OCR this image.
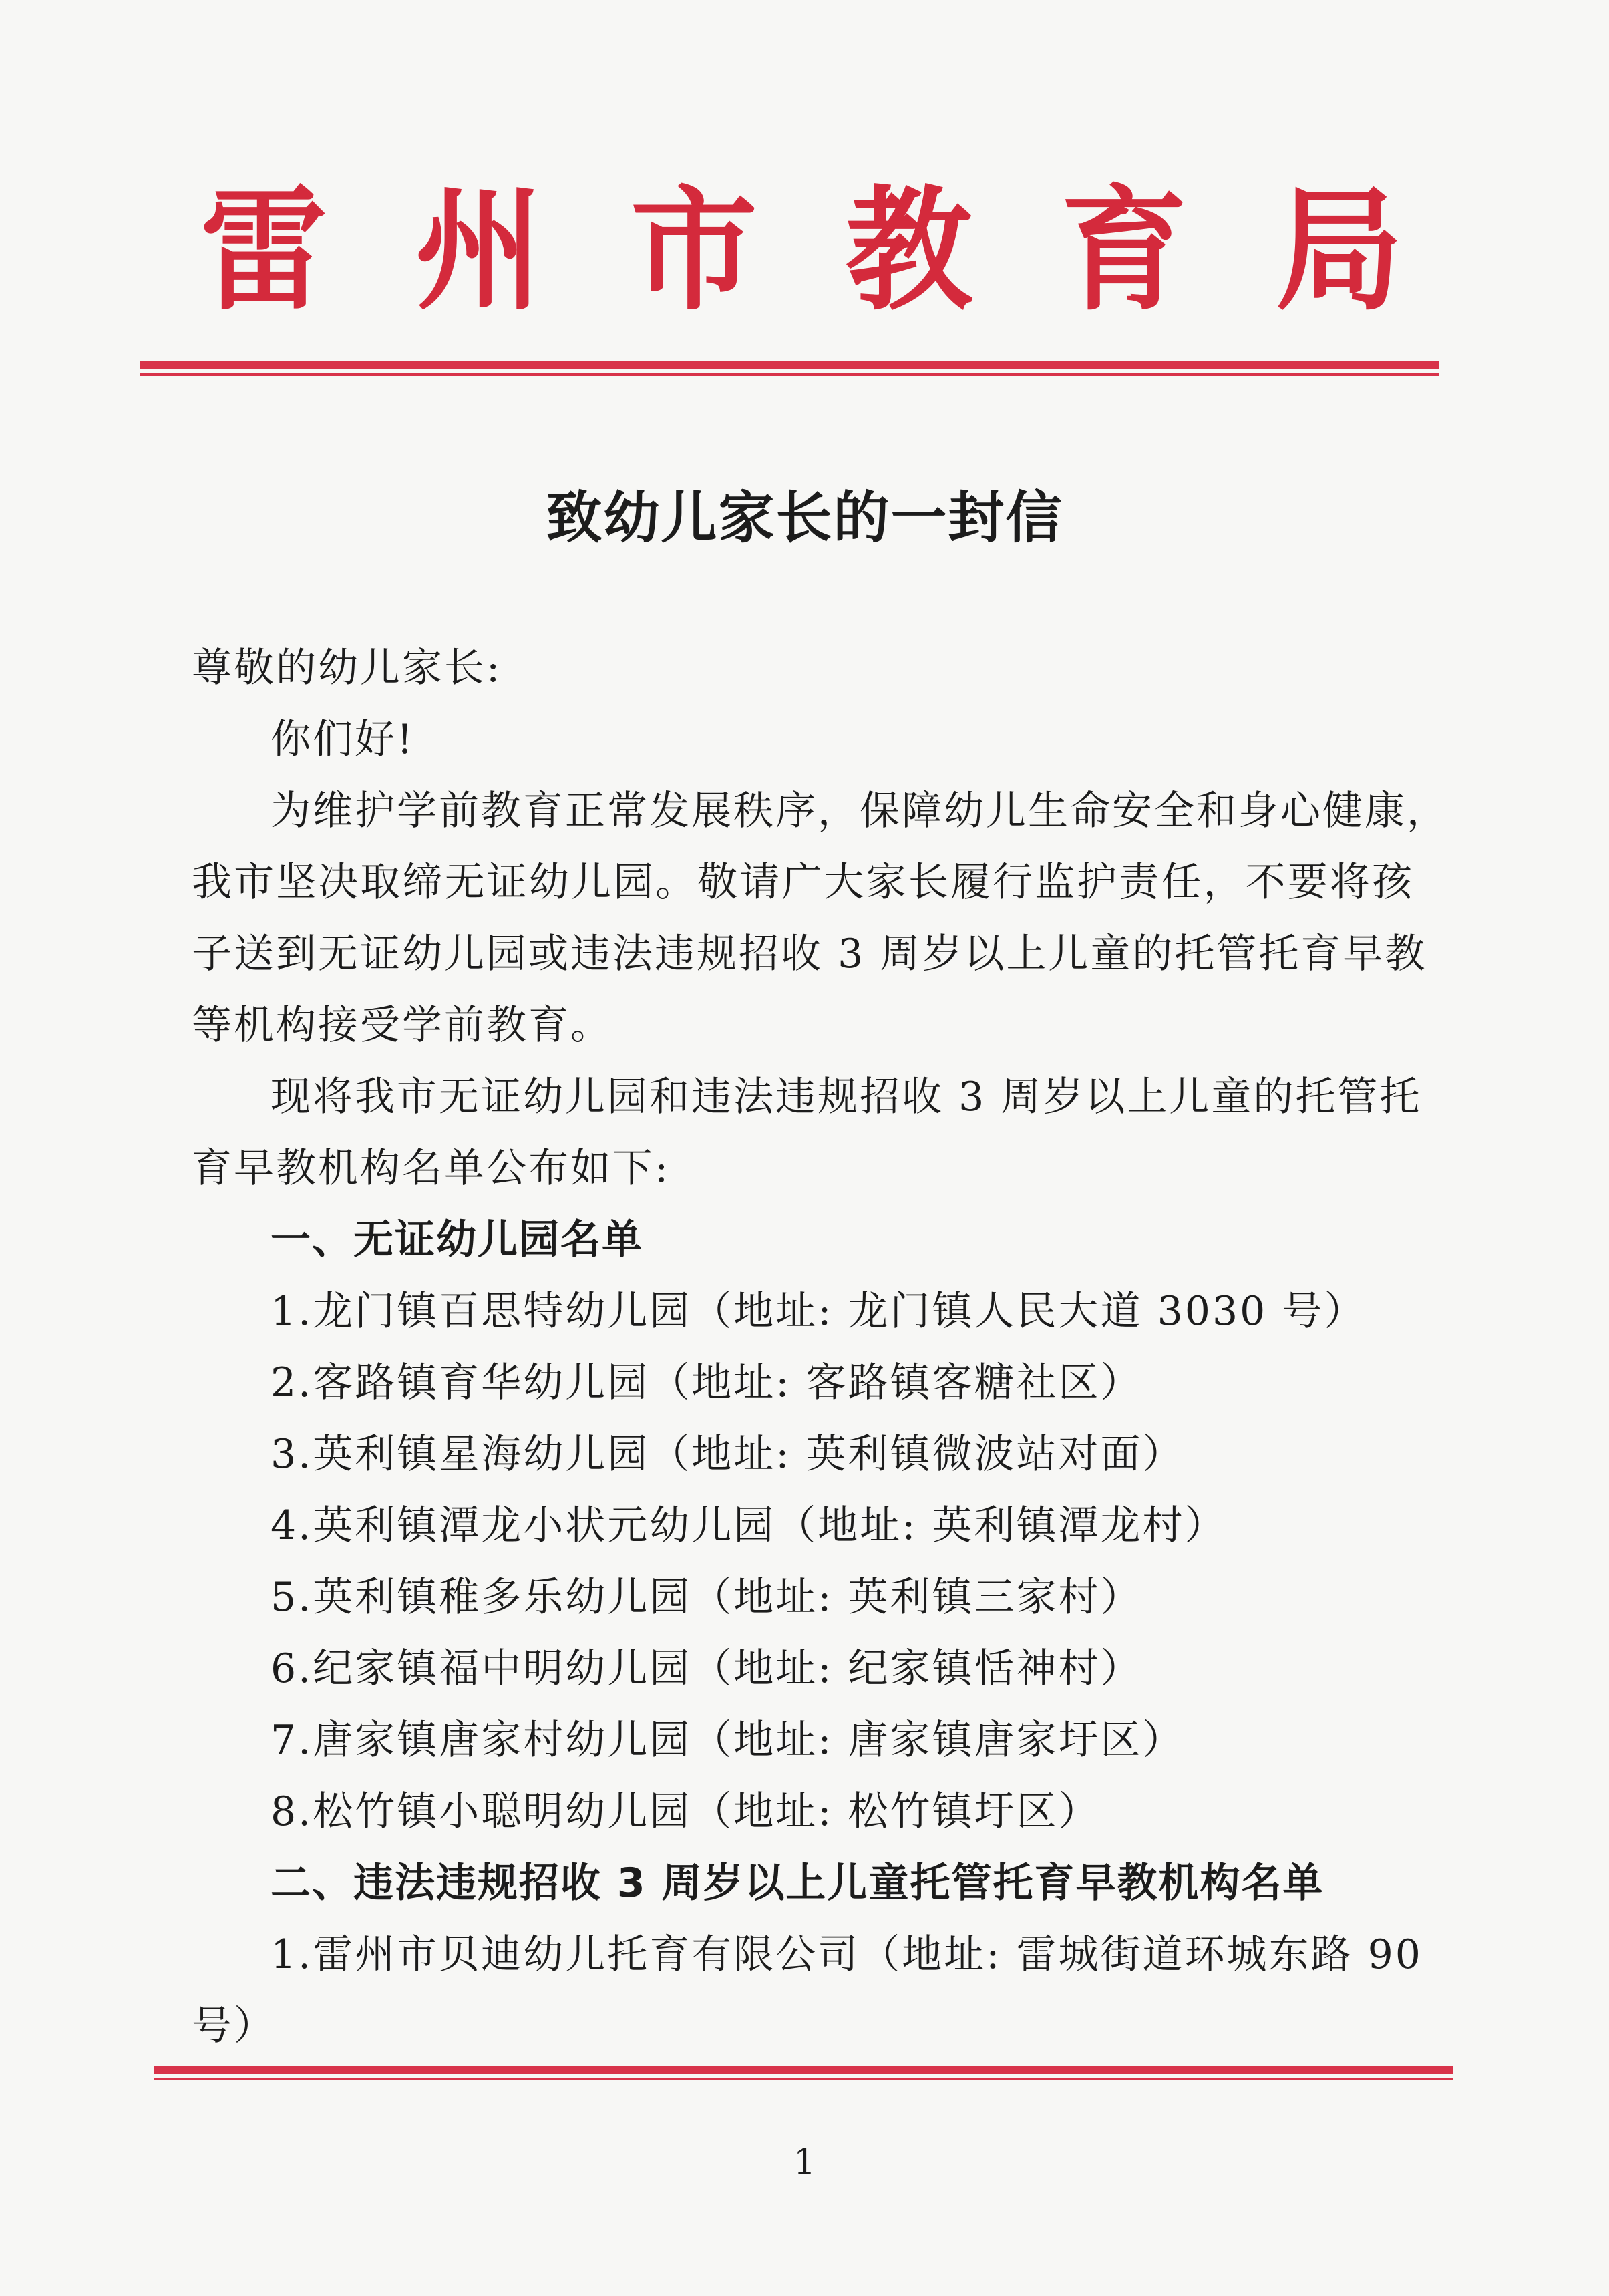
雷 州 市 教 育 局
致幼儿家长的一封信
尊敬的幼儿家长:
你们好!
为维护学前教育正常发展秩序，保障幼儿生命安全和身心健康，
我市坚决取缔无证幼儿园。敬请广大家长履行监护责任，不要将孩
子送到无证幼儿园或违法违规招收 3 周岁以上儿童的托管托育早教
等机构接受学前教育。
现将我市无证幼儿园和违法违规招收 3 周岁以上儿童的托管托
育早教机构名单公布如下:
一、无证幼儿园名单
1.龙门镇百思特幼儿园（地址: 龙门镇人民大道 3030 号）
2.客路镇育华幼儿园（地址: 客路镇客糖社区）
3.英利镇星海幼儿园（地址: 英利镇微波站对面）
4.英利镇潭龙小状元幼儿园（地址: 英利镇潭龙村）
5.英利镇稚多乐幼儿园（地址: 英利镇三家村）
6.纪家镇福中明幼儿园（地址: 纪家镇恬神村）
7.唐家镇唐家村幼儿园（地址: 唐家镇唐家圩区）
8.松竹镇小聪明幼儿园（地址: 松竹镇圩区）
二、违法违规招收 3 周岁以上儿童托管托育早教机构名单
1.雷州市贝迪幼儿托育有限公司（地址: 雷城街道环城东路 90
号）
1
